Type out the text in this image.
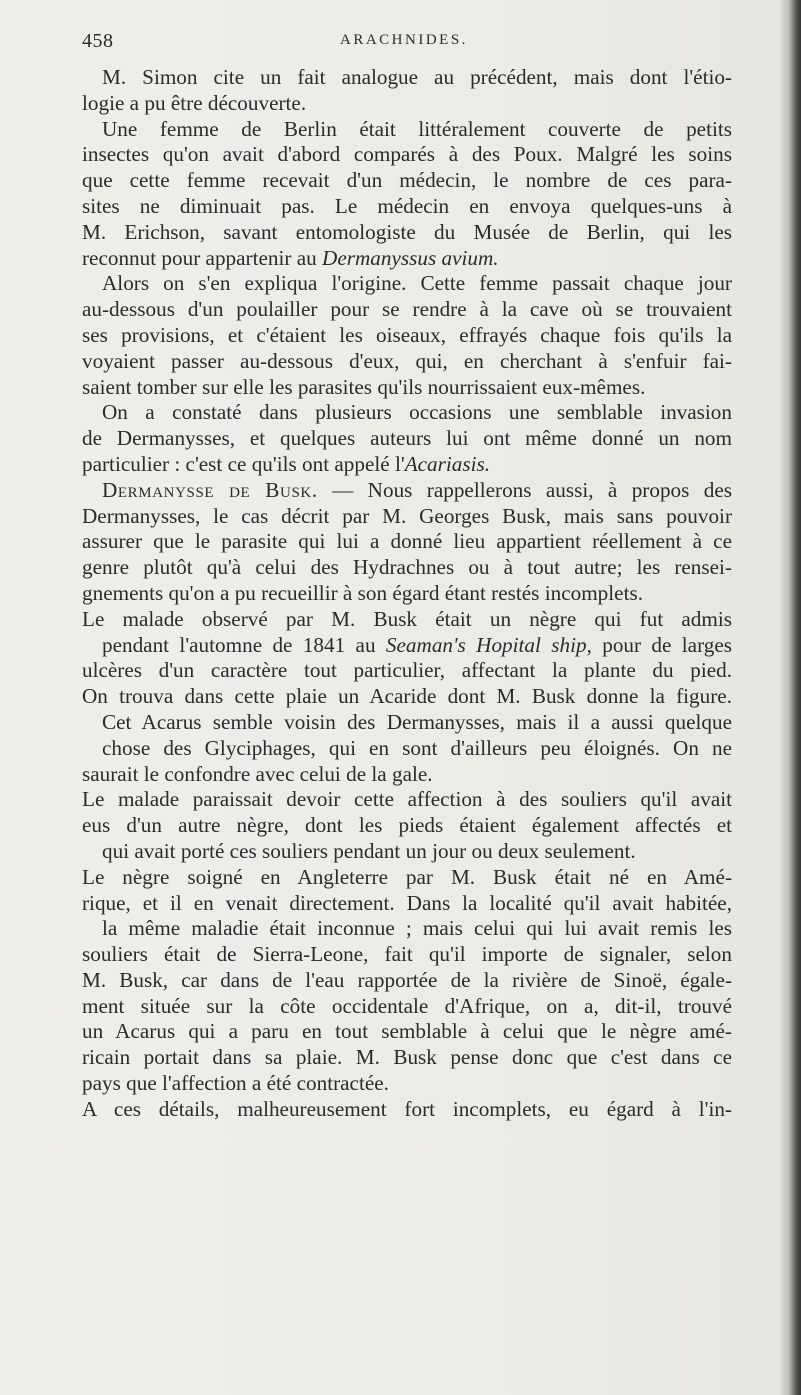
458	ARACHNIDES.

M. Simon cite un fait analogue au précédent, mais dont l'étio-

logie a pu être découverte.

Une femme de Berlin était littéralement couverte de petits

insectes qu'on avait d'abord comparés à des Poux. Malgré les soins

que cette femme recevait d'un médecin, le nombre de ces para-

sites ne diminuait pas. Le médecin en envoya quelques-uns à

M. Erichson, savant entomologiste du Musée de Berlin, qui les

reconnut pour appartenir au Dermanyssus avium.

Alors on s'en expliqua l'origine. Cette femme passait chaque jour

au-dessous d'un poulailler pour se rendre à la cave où se trouvaient

ses provisions, et c'étaient les oiseaux, effrayés chaque fois qu'ils la

voyaient passer au-dessous d'eux, qui, en cherchant à s'enfuir fai-

saient tomber sur elle les parasites qu'ils nourrissaient eux-mêmes.

On a constaté dans plusieurs occasions une semblable invasion

de Dermanysses, et quelques auteurs lui ont même donné un nom

particulier : c'est ce qu'ils ont appelé l'Acariasis.

Dermanysse de Busk. — Nous rappellerons aussi, à propos des

Dermanysses, le cas décrit par M. Georges Busk, mais sans pouvoir

assurer que le parasite qui lui a donné lieu appartient réellement à ce

genre plutôt qu'à celui des Hydrachnes ou à tout autre; les rensei-

gnements qu'on a pu recueillir à son égard étant restés incomplets.

Le malade observé par M. Busk était un nègre qui fut admis

pendant l'automne de 1841 au Seaman's Hopital ship, pour de larges

ulcères d'un caractère tout particulier, affectant la plante du pied.

On trouva dans cette plaie un Acaride dont M. Busk donne la figure.

Cet Acarus semble voisin des Dermanysses, mais il a aussi quelque

chose des Glyciphages, qui en sont d'ailleurs peu éloignés. On ne

saurait le confondre avec celui de la gale.

Le malade paraissait devoir cette affection à des souliers qu'il avait

eus d'un autre nègre, dont les pieds étaient également affectés et

qui avait porté ces souliers pendant un jour ou deux seulement.

Le nègre soigné en Angleterre par M. Busk était né en Amé-

rique, et il en venait directement. Dans la localité qu'il avait habitée,

la même maladie était inconnue ; mais celui qui lui avait remis les

souliers était de Sierra-Leone, fait qu'il importe de signaler, selon

M. Busk, car dans de l'eau rapportée de la rivière de Sinoë, égale-

ment située sur la côte occidentale d'Afrique, on a, dit-il, trouvé

un Acarus qui a paru en tout semblable à celui que le nègre amé-

ricain portait dans sa plaie. M. Busk pense donc que c'est dans ce

pays que l'affection a été contractée.

A ces détails, malheureusement fort incomplets, eu égard à l'in-
